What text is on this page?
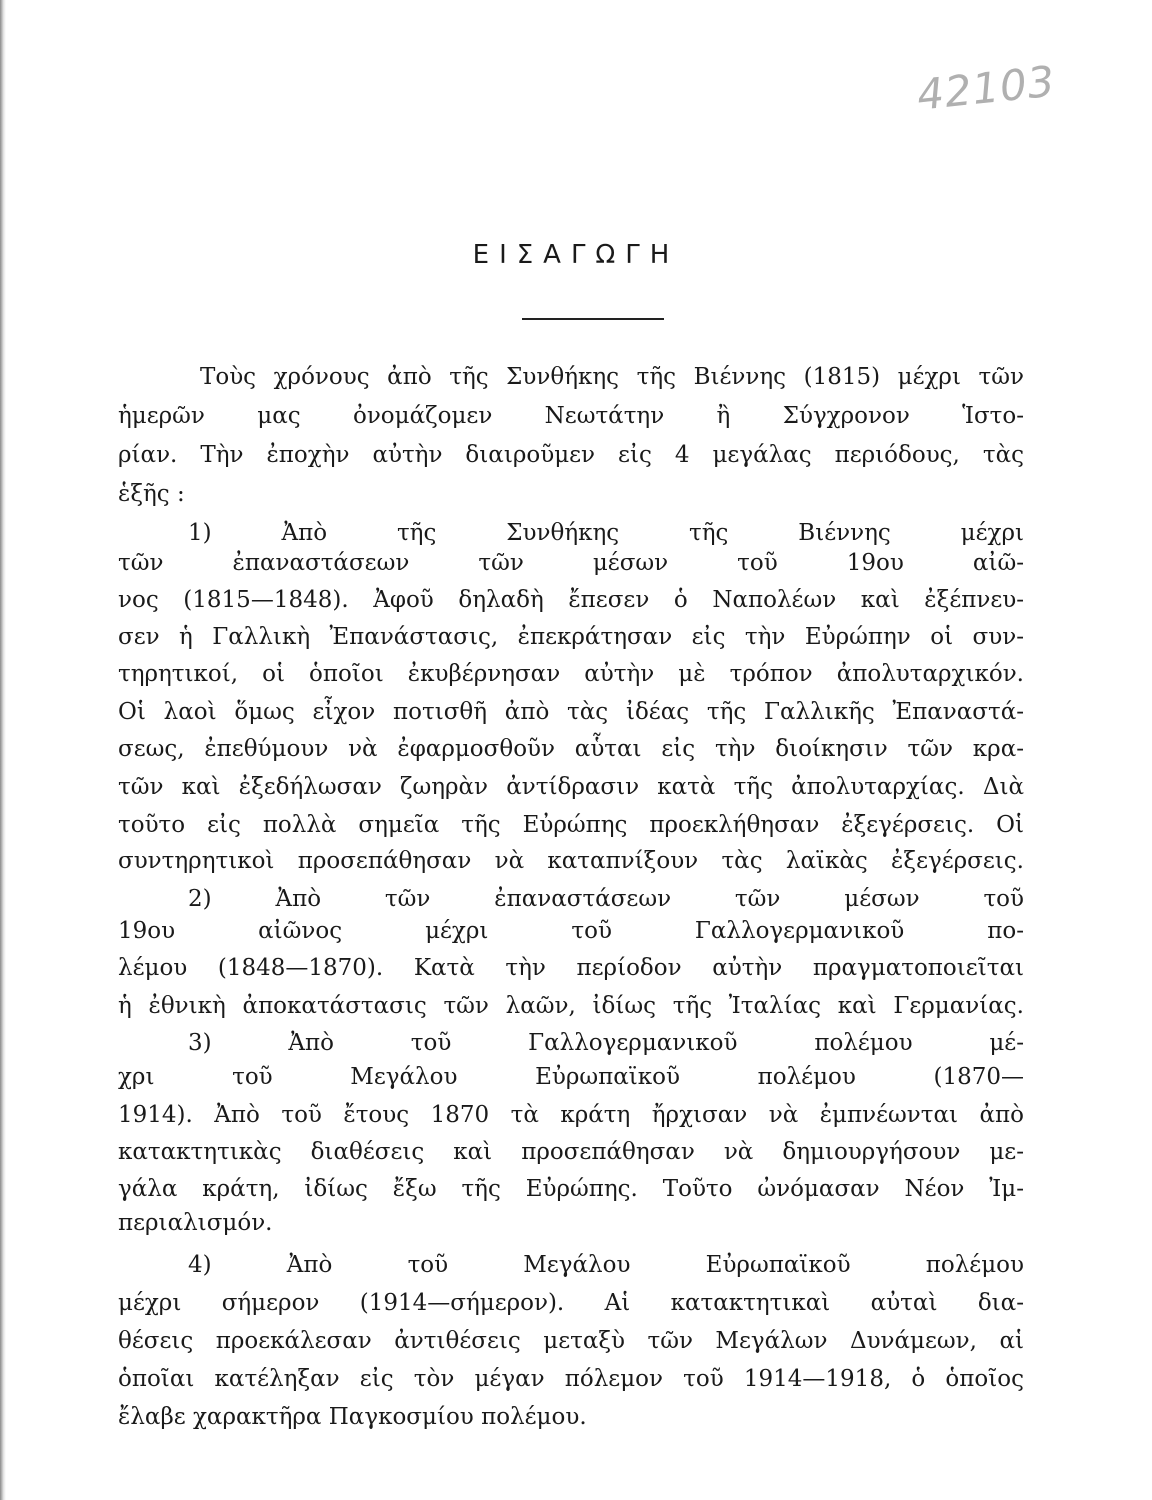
42103
ΕΙΣΑΓΩΓΗ
Τοὺς χρόνους ἀπὸ τῆς Συνθήκης τῆς Βιέννης (1815) μέχρι τῶν
ἡμερῶν μας ὀνομάζομεν Νεωτάτην ἢ Σύγχρονον Ἱστο-
ρίαν. Τὴν ἐποχὴν αὐτὴν διαιροῦμεν εἰς 4 μεγάλας περιόδους, τὰς
ἑξῆς :
1) Ἀπὸ τῆς Συνθήκης τῆς Βιέννης μέχρι
τῶν ἐπαναστάσεων τῶν μέσων τοῦ 19ου αἰῶ-
νος (1815—1848). Ἀφοῦ δηλαδὴ ἔπεσεν ὁ Ναπολέων καὶ ἐξέπνευ-
σεν ἡ Γαλλικὴ Ἐπανάστασις, ἐπεκράτησαν εἰς τὴν Εὐρώπην οἱ συν-
τηρητικοί, οἱ ὁποῖοι ἐκυβέρνησαν αὐτὴν μὲ τρόπον ἀπολυταρχικόν.
Οἱ λαοὶ ὅμως εἶχον ποτισθῆ ἀπὸ τὰς ἰδέας τῆς Γαλλικῆς Ἐπαναστά-
σεως, ἐπεθύμουν νὰ ἐφαρμοσθοῦν αὗται εἰς τὴν διοίκησιν τῶν κρα-
τῶν καὶ ἐξεδήλωσαν ζωηρὰν ἀντίδρασιν κατὰ τῆς ἀπολυταρχίας. Διὰ
τοῦτο εἰς πολλὰ σημεῖα τῆς Εὐρώπης προεκλήθησαν ἐξεγέρσεις. Οἱ
συντηρητικοὶ προσεπάθησαν νὰ καταπνίξουν τὰς λαϊκὰς ἐξεγέρσεις.
2) Ἀπὸ τῶν ἐπαναστάσεων τῶν μέσων τοῦ
19ου αἰῶνος μέχρι τοῦ Γαλλογερμανικοῦ πο-
λέμου (1848—1870). Κατὰ τὴν περίοδον αὐτὴν πραγματοποιεῖται
ἡ ἐθνικὴ ἀποκατάστασις τῶν λαῶν, ἰδίως τῆς Ἰταλίας καὶ Γερμανίας.
3) Ἀπὸ τοῦ Γαλλογερμανικοῦ πολέμου μέ-
χρι τοῦ Μεγάλου Εὐρωπαϊκοῦ πολέμου (1870—
1914). Ἀπὸ τοῦ ἔτους 1870 τὰ κράτη ἤρχισαν νὰ ἐμπνέωνται ἀπὸ
κατακτητικὰς διαθέσεις καὶ προσεπάθησαν νὰ δημιουργήσουν με-
γάλα κράτη, ἰδίως ἔξω τῆς Εὐρώπης. Τοῦτο ὠνόμασαν Νέον Ἰμ-
περιαλισμόν.
4) Ἀπὸ τοῦ Μεγάλου Εὐρωπαϊκοῦ πολέμου
μέχρι σήμερον (1914—σήμερον). Αἱ κατακτητικαὶ αὐταὶ δια-
θέσεις προεκάλεσαν ἀντιθέσεις μεταξὺ τῶν Μεγάλων Δυνάμεων, αἱ
ὁποῖαι κατέληξαν εἰς τὸν μέγαν πόλεμον τοῦ 1914—1918, ὁ ὁποῖος
ἔλαβε χαρακτῆρα Παγκοσμίου πολέμου.
